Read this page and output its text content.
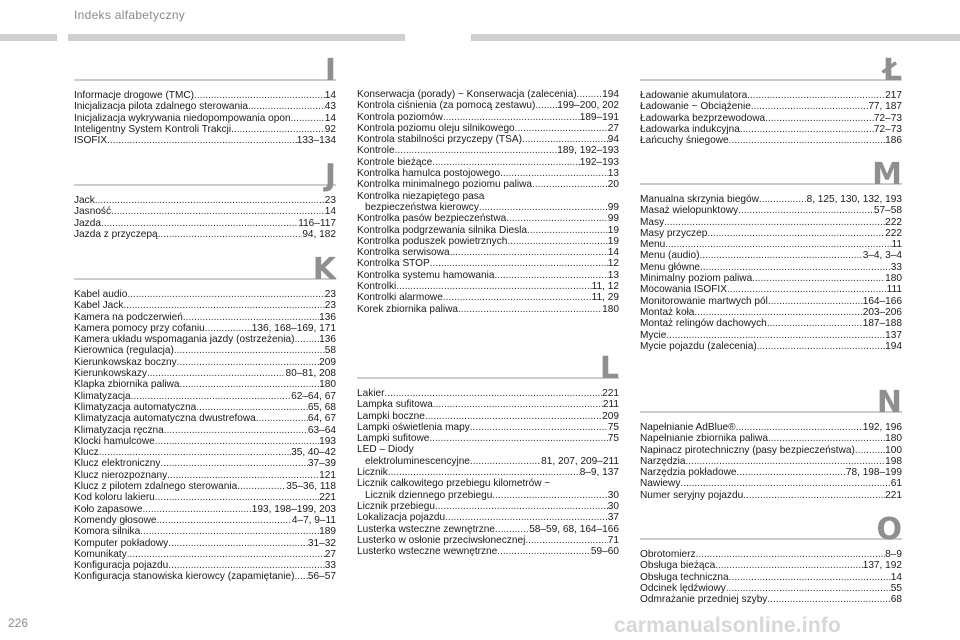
Indeks alfabetyczny
I
Informacje drogowe (TMC) .....	14
Inicjalizacja pilota zdalnego sterowania .....	43
Inicjalizacja wykrywania niedopompowania opon .....	14
Inteligentny System Kontroli Trakcji .....	92
ISOFIX .....	133–134
J
Jack .....	23
Jasność .....	14
Jazda .....	116–117
Jazda z przyczepą .....	94, 182
K
Kabel audio .....	23
Kabel Jack .....	23
Kamera na podczerwień .....	136
Kamera pomocy przy cofaniu .....	136, 168–169, 171
Kamera układu wspomagania jazdy (ostrzeżenia) ..... 136
Kierownica (regulacja) .....	58
Kierunkowskaz boczny .....	209
Kierunkowskazy .....	80–81, 208
Klapka zbiornika paliwa .....	180
Klimatyzacja .....	62–64, 67
Klimatyzacja automatyczna .....	65, 68
Klimatyzacja automatyczna dwustrefowa .....	64, 67
Klimatyzacja ręczna .....	63–64
Klocki hamulcowe .....	193
Klucz .....	35, 40–42
Klucz elektroniczny .....	37–39
Klucz nierozpoznany .....	121
Klucz z pilotem zdalnego sterowania .....	35–36, 118
Kod koloru lakieru .....	221
Koło zapasowe .....	193, 198–199, 203
Komendy głosowe .....	4–7, 9–11
Komora silnika .....	189
Komputer pokładowy .....	31–32
Komunikaty .....	27
Konfiguracja pojazdu .....	33
Konfiguracja stanowiska kierowcy (zapamiętanie) ..... 56–57
Konserwacja (porady) ~ Konserwacja (zalecenia) .....	194
Kontrola ciśnienia (za pomocą zestawu) ..... 199–200, 202
Kontrola poziomów .....	189–191
Kontrola poziomu oleju silnikowego .....	27
Kontrola stabilności przyczepy (TSA) .....	94
Kontrole .....	189, 192–193
Kontrole bieżące .....	192–193
Kontrolka hamulca postojowego .....	13
Kontrolka minimalnego poziomu paliwa .....	20
Kontrolka niezapiętego pasa
bezpieczeństwa kierowcy .....	99
Kontrolka pasów bezpieczeństwa .....	99
Kontrolka podgrzewania silnika Diesla .....	19
Kontrolka poduszek powietrznych .....	19
Kontrolka serwisowa .....	14
Kontrolka STOP .....	12
Kontrolka systemu hamowania .....	13
Kontrolki .....	11, 12
Kontrolki alarmowe .....	11, 29
Korek zbiornika paliwa .....	180
L
Lakier .....	221
Lampka sufitowa .....	211
Lampki boczne .....	209
Lampki oświetlenia mapy .....	75
Lampki sufitowe .....	75
LED – Diody
elektroluminescencyjne .....	81, 207, 209–211
Licznik .....	8–9, 137
Licznik całkowitego przebiegu kilometrów ~
Licznik dziennego przebiegu .....	30
Licznik przebiegu .....	30
Lokalizacja pojazdu .....	37
Lusterka wsteczne zewnętrzne .....	58–59, 68, 164–166
Lusterko w osłonie przeciwsłonecznej .....	71
Lusterko wsteczne wewnętrzne .....	59–60
Ł
Ładowanie akumulatora .....	217
Ładowanie ~ Obciążenie .....	77, 187
Ładowarka bezprzewodowa .....	72–73
Ładowarka indukcyjna .....	72–73
Łańcuchy śniegowe .....	186
M
Manualna skrzynia biegów .....	8, 125, 130, 132, 193
Masaż wielopunktowy .....	57–58
Masy .....	222
Masy przyczep .....	222
Menu .....	11
Menu (audio) .....	3–4, 3–4
Menu główne .....	33
Minimalny poziom paliwa .....	180
Mocowania ISOFIX .....	111
Monitorowanie martwych pól .....	164–166
Montaż koła .....	203–206
Montaż relingów dachowych .....	187–188
Mycie .....	137
Mycie pojazdu (zalecenia) .....	194
N
Napełnianie AdBlue® .....	192, 196
Napełnianie zbiornika paliwa .....	180
Napinacz pirotechniczny (pasy bezpieczeństwa) .....	100
Narzędzia .....	198
Narzędzia pokładowe .....	78, 198–199
Nawiewy .....	61
Numer seryjny pojazdu .....	221
O
Obrotomierz .....	8–9
Obsługa bieżąca .....	137, 192
Obsługa techniczna .....	14
Odcinek lędźwiowy .....	55
Odmrażanie przedniej szyby .....	68
226	carmanualsonline.info
